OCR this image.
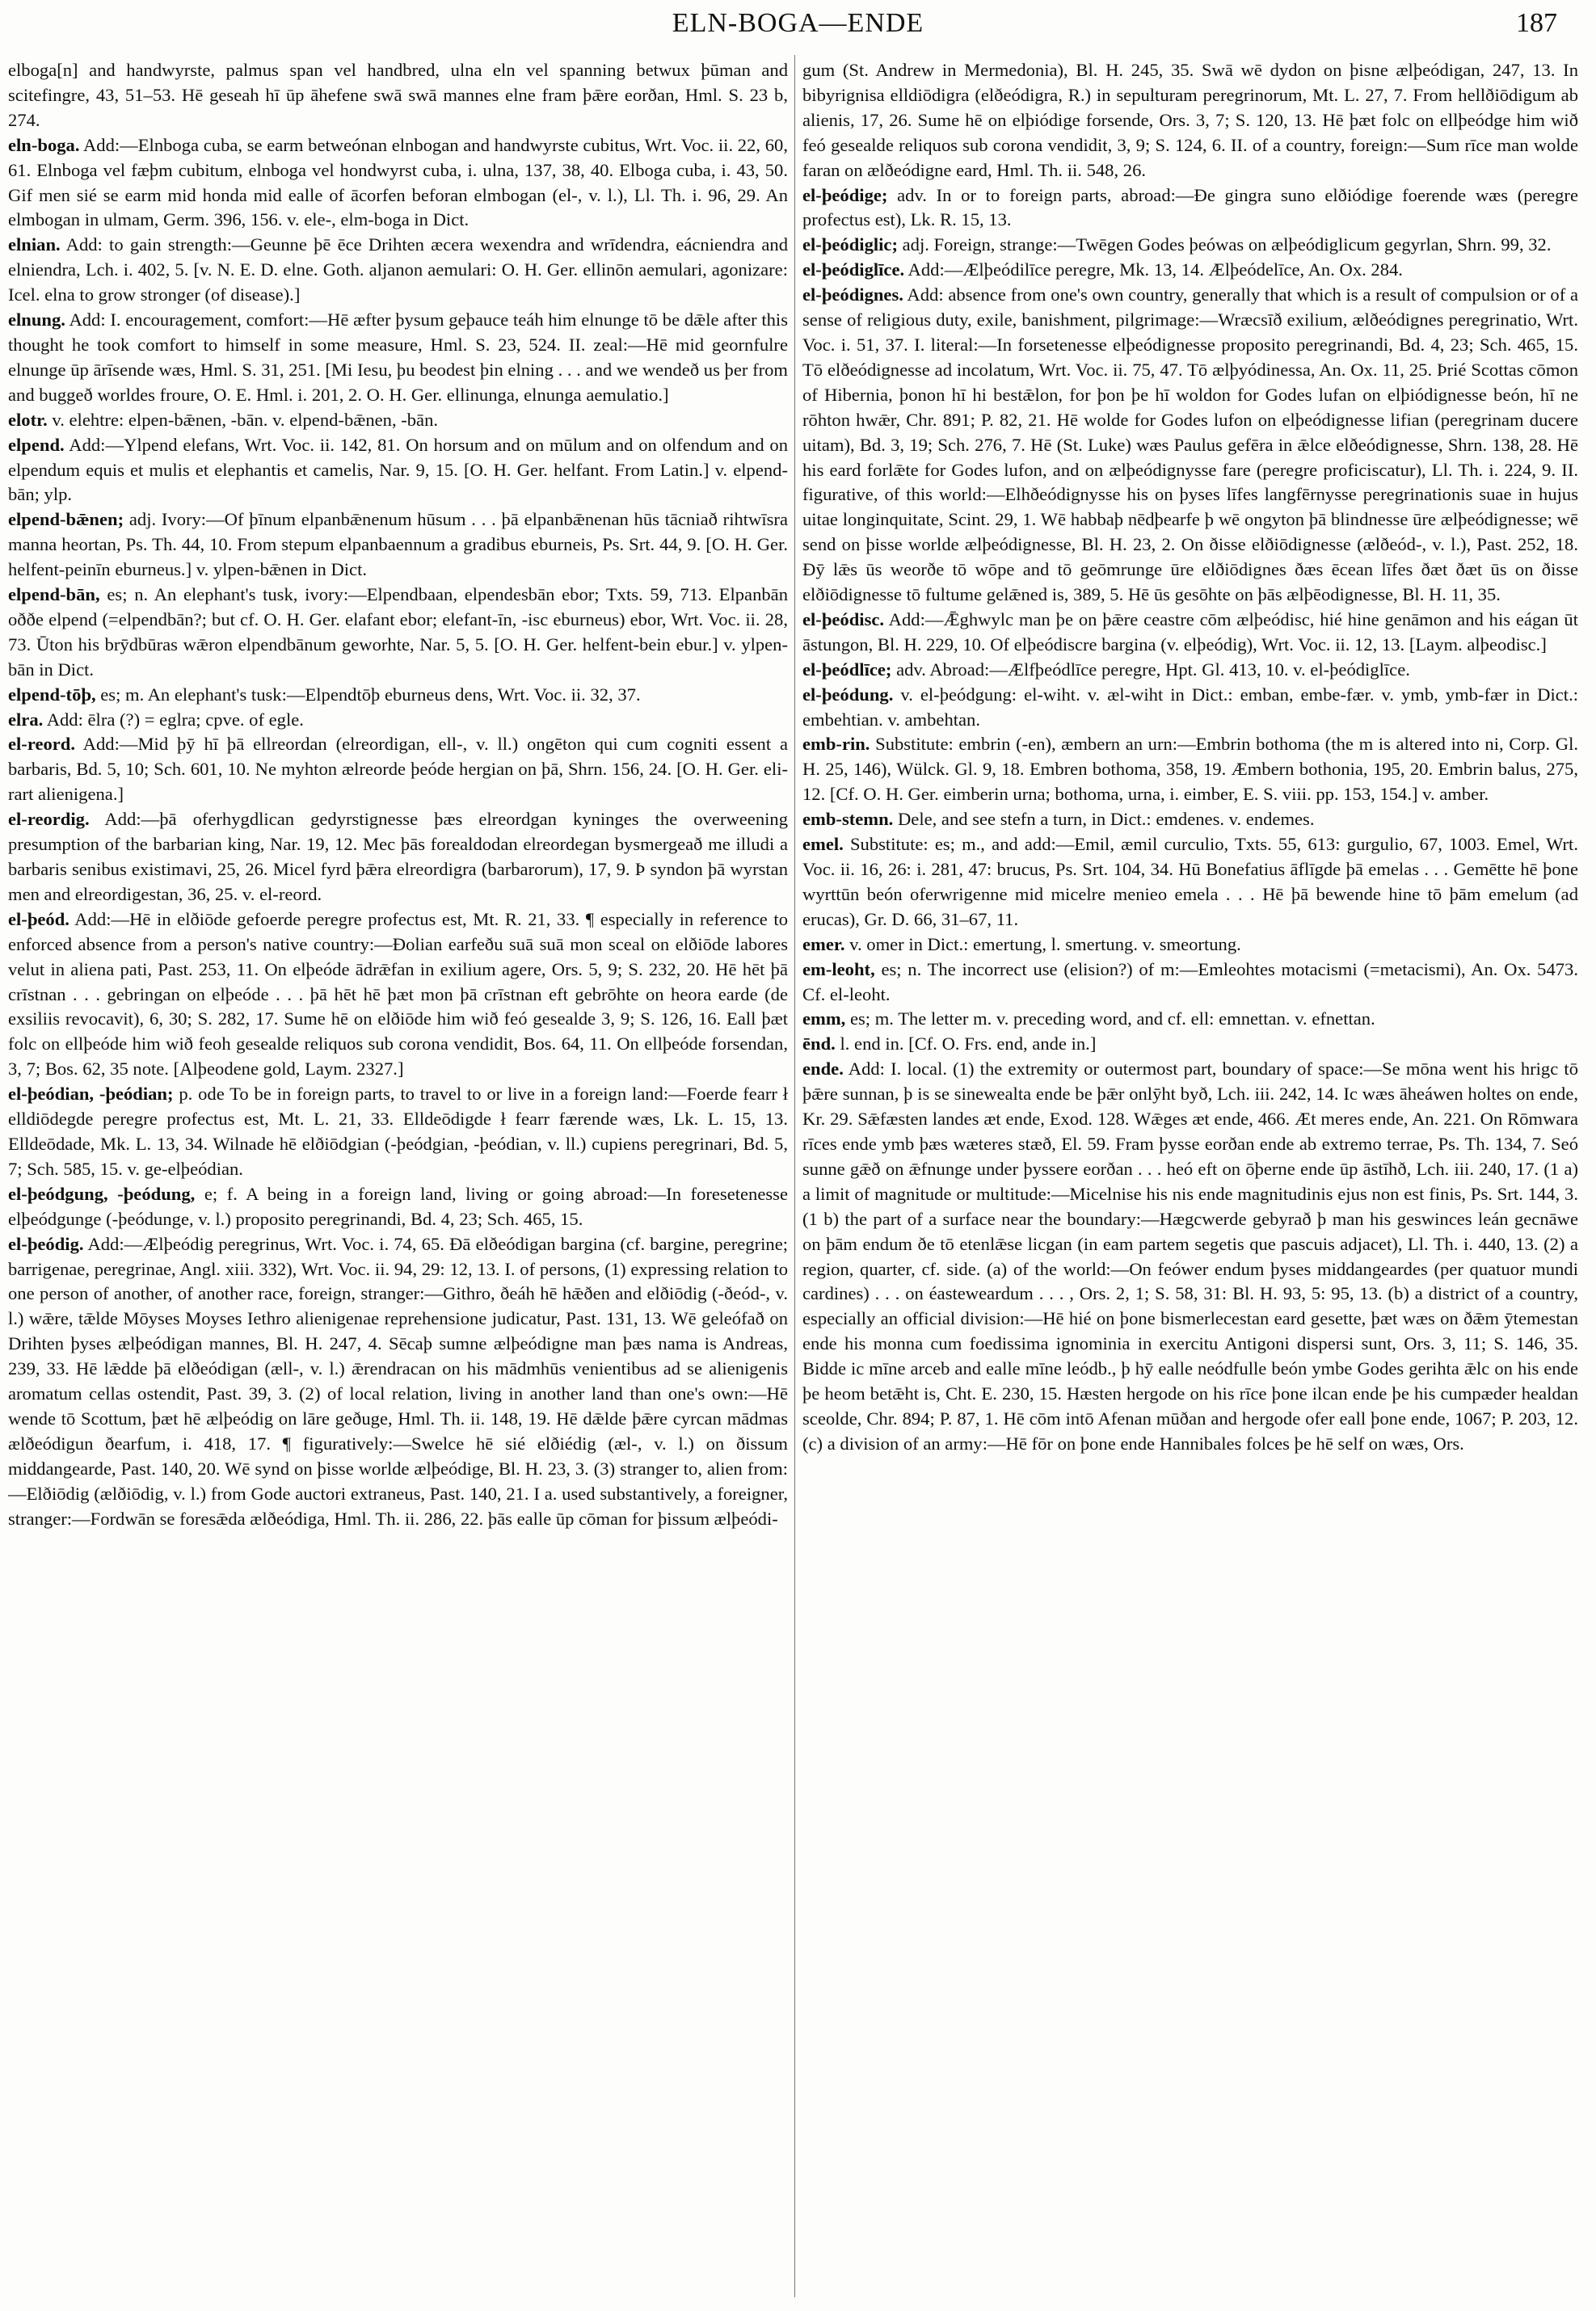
ELN-BOGA—ENDE	187

elboga[n] and handwyrste, palmus span vel handbred, ulna eln vel spanning betwux þūman and scitefingre, 43, 51–53. Hē geseah hī ūp āhefene swā swā mannes elne fram þǣre eorðan, Hml. S. 23 b, 274.

eln-boga. Add:—Elnboga cuba, se earm betweónan elnbogan and handwyrste cubitus, Wrt. Voc. ii. 22, 60, 61. Elnboga vel fæþm cubitum, elnboga vel hondwyrst cuba, i. ulna, 137, 38, 40. Elboga cuba, i. 43, 50. Gif men sié se earm mid honda mid ealle of ācorfen beforan elmbogan (el-, v. l.), Ll. Th. i. 96, 29. An elmbogan in ulmam, Germ. 396, 156. v. ele-, elm-boga in Dict.

elnian. Add: to gain strength:—Geunne þē ēce Drihten æcera wexendra and wrīdendra, eácniendra and elniendra, Lch. i. 402, 5. [v. N. E. D. elne. Goth. aljanon aemulari: O. H. Ger. ellinōn aemulari, agonizare: Icel. elna to grow stronger (of disease).]

elnung. Add: I. encouragement, comfort:—Hē æfter þysum geþauce teáh him elnunge tō be dǣle after this thought he took comfort to himself in some measure, Hml. S. 23, 524. II. zeal:—Hē mid geornfulre elnunge ūp ārīsende wæs, Hml. S. 31, 251. [Mi Iesu, þu beodest þin elning . . . and we wendeð us þer from and buggeð worldes froure, O. E. Hml. i. 201, 2. O. H. Ger. ellinunga, elnunga aemulatio.]

elotr. v. elehtre: elpen-bǣnen, -bān. v. elpend-bǣnen, -bān.

elpend. Add:—Ylpend elefans, Wrt. Voc. ii. 142, 81. On horsum and on mūlum and on olfendum and on elpendum equis et mulis et elephantis et camelis, Nar. 9, 15. [O. H. Ger. helfant. From Latin.] v. elpend-bān; ylp.

elpend-bǣnen; adj. Ivory:—Of þīnum elpanbǣnenum hūsum . . . þā elpanbǣnenan hūs tācniað rihtwīsra manna heortan, Ps. Th. 44, 10. From stepum elpanbaennum a gradibus eburneis, Ps. Srt. 44, 9. [O. H. Ger. helfent-peinīn eburneus.] v. ylpen-bǣnen in Dict.

elpend-bān, es; n. An elephant's tusk, ivory:—Elpendbaan, elpendesbān ebor; Txts. 59, 713. Elpanbān oððe elpend (=elpendbān?; but cf. O. H. Ger. elafant ebor; elefant-īn, -isc eburneus) ebor, Wrt. Voc. ii. 28, 73. Ūton his brȳdbūras wǣron elpendbānum geworhte, Nar. 5, 5. [O. H. Ger. helfent-bein ebur.] v. ylpen-bān in Dict.

elpend-tōþ, es; m. An elephant's tusk:—Elpendtōþ eburneus dens, Wrt. Voc. ii. 32, 37.

elra. Add: ēlra (?) = eglra; cpve. of egle.

el-reord. Add:—Mid þȳ hī þā ellreordan (elreordigan, ell-, v. ll.) ongēton qui cum cogniti essent a barbaris, Bd. 5, 10; Sch. 601, 10. Ne myhton ælreorde þeóde hergian on þā, Shrn. 156, 24. [O. H. Ger. eli-rart alienigena.]

el-reordig. Add:—þā oferhygdlican gedyrstignesse þæs elreordgan kyninges the overweening presumption of the barbarian king, Nar. 19, 12. Mec þās forealdodan elreordegan bysmergeað me illudi a barbaris senibus existimavi, 25, 26. Micel fyrd þǣra elreordigra (barbarorum), 17, 9. Þ syndon þā wyrstan men and elreordigestan, 36, 25. v. el-reord.

el-þeód. Add:—Hē in elðiōde gefoerde peregre profectus est, Mt. R. 21, 33. ¶ especially in reference to enforced absence from a person's native country:—Ðolian earfeðu suā suā mon sceal on elðiōde labores velut in aliena pati, Past. 253, 11. On elþeóde ādrǣfan in exilium agere, Ors. 5, 9; S. 232, 20. Hē hēt þā crīstnan . . . gebringan on elþeóde . . . þā hēt hē þæt mon þā crīstnan eft gebrōhte on heora earde (de exsiliis revocavit), 6, 30; S. 282, 17. Sume hē on elðiōde him wið feó gesealde 3, 9; S. 126, 16. Eall þæt folc on ellþeóde him wið feoh gesealde reliquos sub corona vendidit, Bos. 64, 11. On ellþeóde forsendan, 3, 7; Bos. 62, 35 note. [Alþeodene gold, Laym. 2327.]

el-þeódian, -þeódian; p. ode To be in foreign parts, to travel to or live in a foreign land:—Foerde fearr ł elldiōdegde peregre profectus est, Mt. L. 21, 33. Elldeōdigde ł fearr færende wæs, Lk. L. 15, 13. Elldeōdade, Mk. L. 13, 34. Wilnade hē elðiōdgian (-þeódgian, -þeódian, v. ll.) cupiens peregrinari, Bd. 5, 7; Sch. 585, 15. v. ge-elþeódian.

el-þeódgung, -þeódung, e; f. A being in a foreign land, living or going abroad:—In foresetenesse elþeódgunge (-þeódunge, v. l.) proposito peregrinandi, Bd. 4, 23; Sch. 465, 15.

el-þeódig. Add:—Ælþeódig peregrinus, Wrt. Voc. i. 74, 65. Ðā elðeódigan bargina (cf. bargine, peregrine; barrigenae, peregrinae, Angl. xiii. 332), Wrt. Voc. ii. 94, 29: 12, 13. I. of persons, (1) expressing relation to one person of another, of another race, foreign, stranger:—Githro, ðeáh hē hǣðen and elðiōdig (-ðeód-, v. l.) wǣre, tǣlde Mōyses Moyses Iethro alienigenae reprehensione judicatur, Past. 131, 13. Wē geleófað on Drihten þyses ælþeódigan mannes, Bl. H. 247, 4. Sēcaþ sumne ælþeódigne man þæs nama is Andreas, 239, 33. Hē lǣdde þā elðeódigan (æll-, v. l.) ǣrendracan on his mādmhūs venientibus ad se alienigenis aromatum cellas ostendit, Past. 39, 3. (2) of local relation, living in another land than one's own:—Hē wende tō Scottum, þæt hē ælþeódig on lāre geðuge, Hml. Th. ii. 148, 19. Hē dǣlde þǣre cyrcan mādmas ælðeódigun ðearfum, i. 418, 17. ¶ figuratively:—Swelce hē sié elðiédig (æl-, v. l.) on ðissum middangearde, Past. 140, 20. Wē synd on þisse worlde ælþeódige, Bl. H. 23, 3. (3) stranger to, alien from:—Elðiōdig (ælðiōdig, v. l.) from Gode auctori extraneus, Past. 140, 21. I a. used substantively, a foreigner, stranger:—Fordwān se foresǣda ælðeódiga, Hml. Th. ii. 286, 22. þās ealle ūp cōman for þissum ælþeódi-

gum (St. Andrew in Mermedonia), Bl. H. 245, 35. Swā wē dydon on þisne ælþeódigan, 247, 13. In bibyrignisa elldiōdigra (elðeódigra, R.) in sepulturam peregrinorum, Mt. L. 27, 7. From hellðiōdigum ab alienis, 17, 26. Sume hē on elþiódige forsende, Ors. 3, 7; S. 120, 13. Hē þæt folc on ellþeódge him wið feó gesealde reliquos sub corona vendidit, 3, 9; S. 124, 6. II. of a country, foreign:—Sum rīce man wolde faran on ælðeódigne eard, Hml. Th. ii. 548, 26.

el-þeódige; adv. In or to foreign parts, abroad:—Ðe gingra suno elðiódige foerende wæs (peregre profectus est), Lk. R. 15, 13.

el-þeódiglic; adj. Foreign, strange:—Twēgen Godes þeówas on ælþeódiglicum gegyrlan, Shrn. 99, 32.

el-þeódiglīce. Add:—Ælþeódilīce peregre, Mk. 13, 14. Ælþeódelīce, An. Ox. 284.

el-þeódignes. Add: absence from one's own country, generally that which is a result of compulsion or of a sense of religious duty, exile, banishment, pilgrimage:—Wræcsīð exilium, ælðeódignes peregrinatio, Wrt. Voc. i. 51, 37. I. literal:—In forsetenesse elþeódignesse proposito peregrinandi, Bd. 4, 23; Sch. 465, 15. Tō elðeódignesse ad incolatum, Wrt. Voc. ii. 75, 47. Tō ælþyódinessa, An. Ox. 11, 25. Þrié Scottas cōmon of Hibernia, þonon hī hi bestǣlon, for þon þe hī woldon for Godes lufan on elþiódignesse beón, hī ne rōhton hwǣr, Chr. 891; P. 82, 21. Hē wolde for Godes lufon on elþeódignesse lifian (peregrinam ducere uitam), Bd. 3, 19; Sch. 276, 7. Hē (St. Luke) wæs Paulus gefēra in ǣlce elðeódignesse, Shrn. 138, 28. Hē his eard forlǣte for Godes lufon, and on ælþeódignysse fare (peregre proficiscatur), Ll. Th. i. 224, 9. II. figurative, of this world:—Elhðeódignysse his on þyses līfes langfērnysse peregrinationis suae in hujus uitae longinquitate, Scint. 29, 1. Wē habbaþ nēdþearfe þ wē ongyton þā blindnesse ūre ælþeódignesse; wē send on þisse worlde ælþeódignesse, Bl. H. 23, 2. On ðisse elðiōdignesse (ælðeód-, v. l.), Past. 252, 18. Ðȳ lǣs ūs weorðe tō wōpe and tō geōmrunge ūre elðiōdignes ðæs ēcean līfes ðæt ðæt ūs on ðisse elðiōdignesse tō fultume gelǣned is, 389, 5. Hē ūs gesōhte on þās ælþēodignesse, Bl. H. 11, 35.

el-þeódisc. Add:—Ǣghwylc man þe on þǣre ceastre cōm ælþeódisc, hié hine genāmon and his eágan ūt āstungon, Bl. H. 229, 10. Of elþeódiscre bargina (v. elþeódig), Wrt. Voc. ii. 12, 13. [Laym. alþeodisc.]

el-þeódlīce; adv. Abroad:—Ælfþeódlīce peregre, Hpt. Gl. 413, 10. v. el-þeódiglīce.

el-þeódung. v. el-þeódgung: el-wiht. v. æl-wiht in Dict.: emban, embe-fær. v. ymb, ymb-fær in Dict.: embehtian. v. ambehtan.

emb-rin. Substitute: embrin (-en), æmbern an urn:—Embrin bothoma (the m is altered into ni, Corp. Gl. H. 25, 146), Wülck. Gl. 9, 18. Embren bothoma, 358, 19. Æmbern bothonia, 195, 20. Embrin balus, 275, 12. [Cf. O. H. Ger. eimberin urna; bothoma, urna, i. eimber, E. S. viii. pp. 153, 154.] v. amber.

emb-stemn. Dele, and see stefn a turn, in Dict.: emdenes. v. endemes.

emel. Substitute: es; m., and add:—Emil, æmil curculio, Txts. 55, 613: gurgulio, 67, 1003. Emel, Wrt. Voc. ii. 16, 26: i. 281, 47: brucus, Ps. Srt. 104, 34. Hū Bonefatius āflīgde þā emelas . . . Gemētte hē þone wyrttūn beón oferwrigenne mid micelre menieo emela . . . Hē þā bewende hine tō þām emelum (ad erucas), Gr. D. 66, 31–67, 11.

emer. v. omer in Dict.: emertung, l. smertung. v. smeortung.

em-leoht, es; n. The incorrect use (elision?) of m:—Emleohtes motacismi (=metacismi), An. Ox. 5473. Cf. el-leoht.

emm, es; m. The letter m. v. preceding word, and cf. ell: emnettan. v. efnettan.

ēnd. l. end in. [Cf. O. Frs. end, ande in.]

ende. Add: I. local. (1) the extremity or outermost part, boundary of space:—Se mōna went his hrigc tō þǣre sunnan, þ is se sinewealta ende be þǣr onlȳht byð, Lch. iii. 242, 14. Ic wæs āheáwen holtes on ende, Kr. 29. Sǣfæsten landes æt ende, Exod. 128. Wǣges æt ende, 466. Æt meres ende, An. 221. On Rōmwara rīces ende ymb þæs wæteres stæð, El. 59. Fram þysse eorðan ende ab extremo terrae, Ps. Th. 134, 7. Seó sunne gǣð on ǣfnunge under þyssere eorðan . . . heó eft on ōþerne ende ūp āstīhð, Lch. iii. 240, 17. (1 a) a limit of magnitude or multitude:—Micelnise his nis ende magnitudinis ejus non est finis, Ps. Srt. 144, 3. (1 b) the part of a surface near the boundary:—Hægcwerde gebyrað þ man his geswinces leán gecnāwe on þām endum ðe tō etenlǣse licgan (in eam partem segetis que pascuis adjacet), Ll. Th. i. 440, 13. (2) a region, quarter, cf. side. (a) of the world:—On feówer endum þyses middangeardes (per quatuor mundi cardines) . . . on éasteweardum . . . , Ors. 2, 1; S. 58, 31: Bl. H. 93, 5: 95, 13. (b) a district of a country, especially an official division:—Hē hié on þone bismerlecestan eard gesette, þæt wæs on ðǣm ȳtemestan ende his monna cum foedissima ignominia in exercitu Antigoni dispersi sunt, Ors. 3, 11; S. 146, 35. Bidde ic mīne arceb and ealle mīne leódb., þ hȳ ealle neódfulle beón ymbe Godes gerihta ǣlc on his ende þe heom betǣht is, Cht. E. 230, 15. Hæsten hergode on his rīce þone ilcan ende þe his cumpæder healdan sceolde, Chr. 894; P. 87, 1. Hē cōm intō Afenan mūðan and hergode ofer eall þone ende, 1067; P. 203, 12. (c) a division of an army:—Hē fōr on þone ende Hannibales folces þe hē self on wæs, Ors.
